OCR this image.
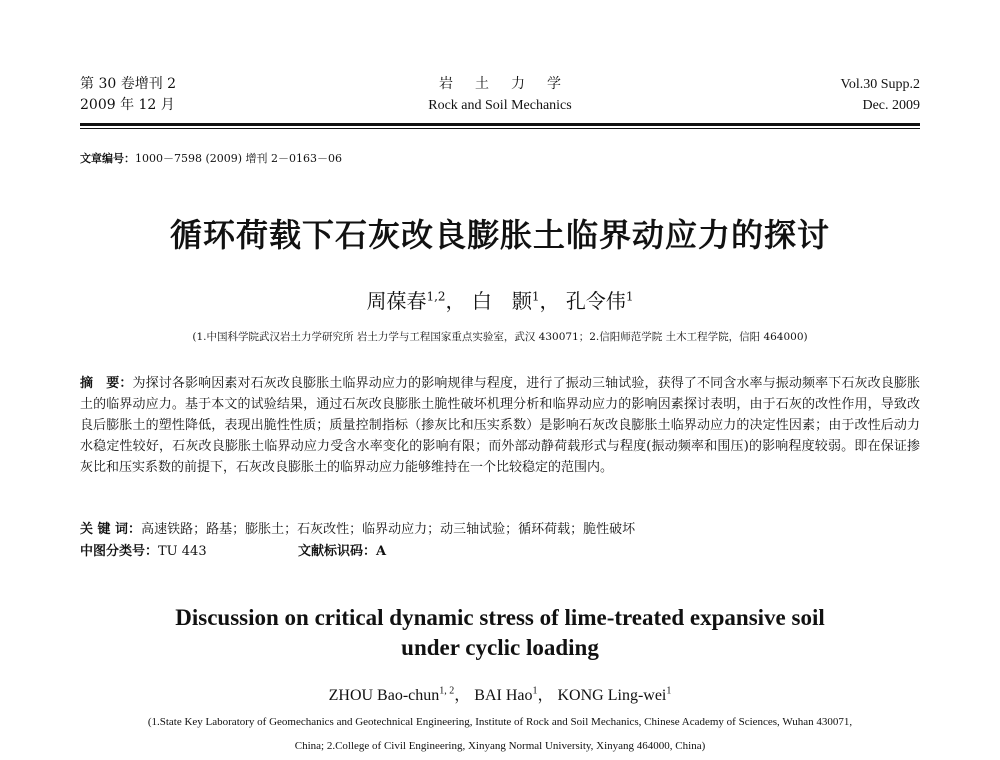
第 30 卷增刊 2
2009 年 12 月
岩土力学
Rock and Soil Mechanics
Vol.30 Supp.2
Dec. 2009
文章编号：1000－7598 (2009) 增刊 2－0163－06
循环荷载下石灰改良膨胀土临界动应力的探讨
周葆春$^{1,2}$， 白　颢$^1$， 孔令伟$^1$
(1.中国科学院武汉岩土力学研究所 岩土力学与工程国家重点实验室，武汉 430071；2.信阳师范学院 土木工程学院，信阳 464000)
摘　要：为探讨各影响因素对石灰改良膨胀土临界动应力的影响规律与程度，进行了振动三轴试验，获得了不同含水率与振动频率下石灰改良膨胀土的临界动应力。基于本文的试验结果，通过石灰改良膨胀土脆性破坏机理分析和临界动应力的影响因素探讨表明，由于石灰的改性作用，导致改良后膨胀土的塑性降低，表现出脆性性质；质量控制指标（掺灰比和压实系数）是影响石灰改良膨胀土临界动应力的决定性因素；由于改性后动力水稳定性较好，石灰改良膨胀土临界动应力受含水率变化的影响有限；而外部动静荷载形式与程度(振动频率和围压)的影响程度较弱。即在保证掺灰比和压实系数的前提下，石灰改良膨胀土的临界动应力能够维持在一个比较稳定的范围内。
关 键 词：高速铁路；路基；膨胀土；石灰改性；临界动应力；动三轴试验；循环荷载；脆性破坏
中图分类号：TU 443	文献标识码：A
Discussion on critical dynamic stress of lime-treated expansive soil
under cyclic loading
ZHOU Bao-chun$^{1, 2}$， BAI Hao$^1$， KONG Ling-wei$^1$
(1.State Key Laboratory of Geomechanics and Geotechnical Engineering, Institute of Rock and Soil Mechanics, Chinese Academy of Sciences, Wuhan 430071,
China; 2.College of Civil Engineering, Xinyang Normal University, Xinyang 464000, China)
